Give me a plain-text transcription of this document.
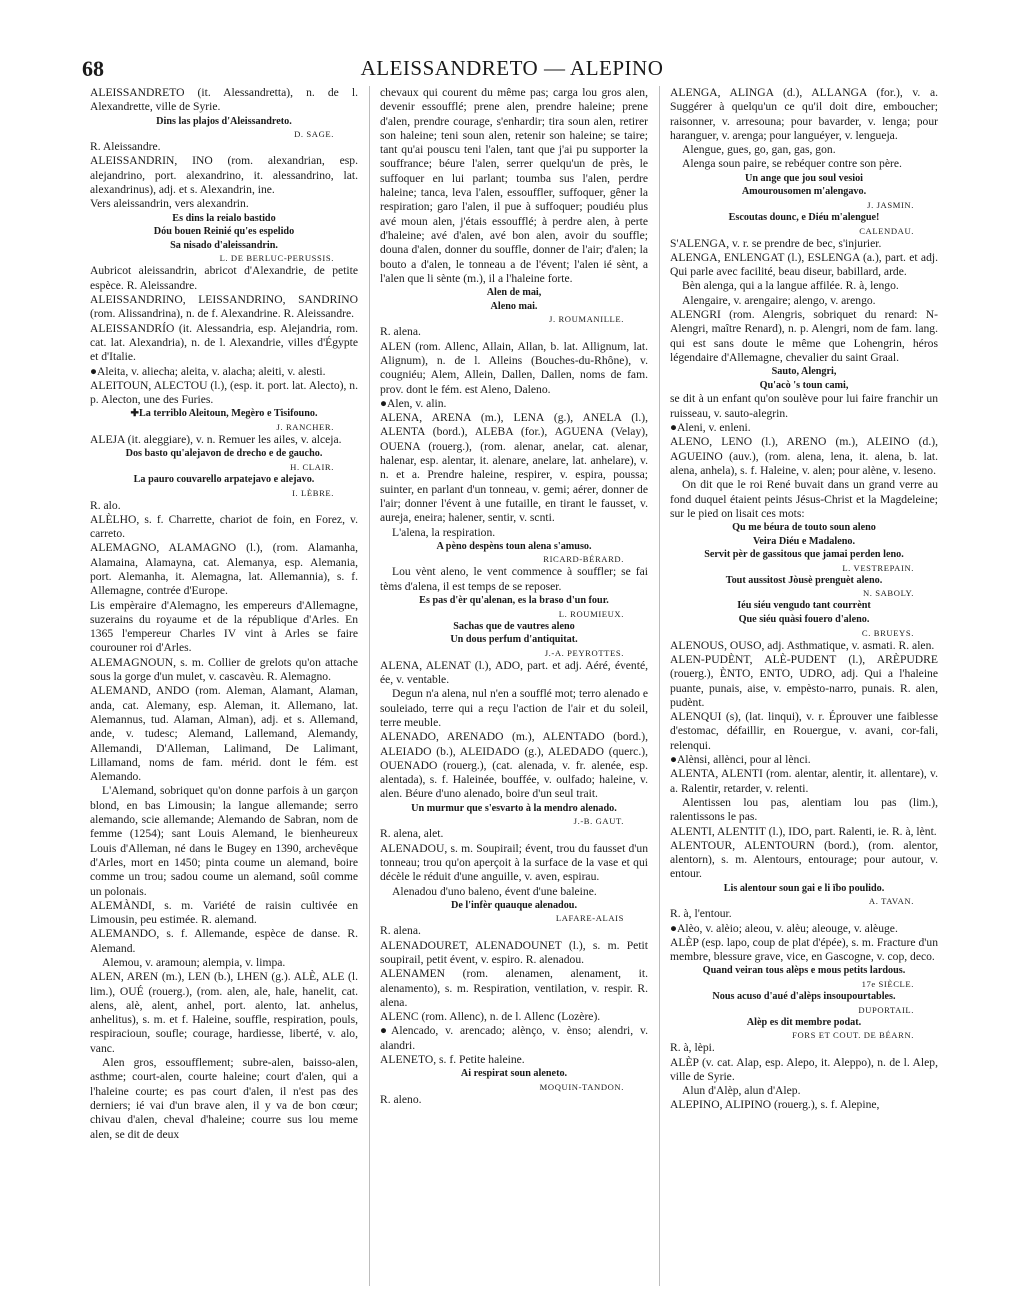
68	ALEISSANDRETO — ALEPINO

ALEISSANDRETO (it. Alessandretta), n. de l. Alexandrette, ville de Syrie.

Dins las plajos d'Aleissandreto.

D. SAGE.

R. Aleissandre.

ALEISSANDRIN, INO (rom. alexandrian, esp. alejandrino, port. alexandrino, it. alessandrino, lat. alexandrinus), adj. et s. Alexandrin, ine.

Vers aleissandrin, vers alexandrin.

Es dins la reialo bastido

Dóu bouen Reinié qu'es espelido

Sa nisado d'aleissandrin.

L. DE BERLUC-PERUSSIS.

Aubricot aleissandrin, abricot d'Alexandrie, de petite espèce. R. Aleissandre.

ALEISSANDRINO, LEISSANDRINO, SANDRINO (rom. Alissandrina), n. de f. Alexandrine. R. Aleissandre.

ALEISSANDRÍO (it. Alessandria, esp. Alejandria, rom. cat. lat. Alexandria), n. de l. Alexandrie, villes d'Égypte et d'Italie.

●Aleita, v. aliecha; aleita, v. alacha; aleiti, v. alesti.

ALEITOUN, ALECTOU (l.), (esp. it. port. lat. Alecto), n. p. Alecton, une des Furies.

✚La terriblo Aleitoun, Megèro e Tisifouno.

J. RANCHER.

ALEJA (it. aleggiare), v. n. Remuer les ailes, v. alceja.

Dos basto qu'alejavon de drecho e de gaucho.

H. CLAIR.

La pauro couvarello arpatejavo e alejavo.

I. LÈBRE.

R. alo.

ALÈLHO, s. f. Charrette, chariot de foin, en Forez, v. carreto.

ALEMAGNO, ALAMAGNO (l.), (rom. Alamanha, Alamaina, Alamayna, cat. Alemanya, esp. Alemania, port. Alemanha, it. Alemagna, lat. Allemannia), s. f. Allemagne, contrée d'Europe.

Lis empèraire d'Alemagno, les empereurs d'Allemagne, suzerains du royaume et de la république d'Arles. En 1365 l'empereur Charles IV vint à Arles se faire courouner roi d'Arles.

ALEMAGNOUN, s. m. Collier de grelots qu'on attache sous la gorge d'un mulet, v. cascavèu. R. Alemagno.

ALEMAND, ANDO (rom. Aleman, Alamant, Alaman, anda, cat. Alemany, esp. Aleman, it. Allemano, lat. Alemannus, tud. Alaman, Alman), adj. et s. Allemand, ande, v. tudesc; Alemand, Lallemand, Alemandy, Allemandi, D'Alleman, Lalimand, De Lalimant, Lillamand, noms de fam. mérid. dont le fém. est Alemando.

L'Alemand, sobriquet qu'on donne parfois à un garçon blond, en bas Limousin; la langue allemande; serro alemando, scie allemande; Alemando de Sabran, nom de femme (1254); sant Louis Alemand, le bienheureux Louis d'Alleman, né dans le Bugey en 1390, archevêque d'Arles, mort en 1450; pinta coume un alemand, boire comme un trou; sadou coume un alemand, soûl comme un polonais.

ALEMÀNDI, s. m. Variété de raisin cultivée en Limousin, peu estimée. R. alemand.

ALEMANDO, s. f. Allemande, espèce de danse. R. Alemand.

Alemou, v. aramoun; alempia, v. limpa.

ALEN, AREN (m.), LEN (b.), LHEN (g.). ALÈ, ALE (l. lim.), OUÉ (rouerg.), (rom. alen, ale, hale, hanelit, cat. alens, alè, alent, anhel, port. alento, lat. anhelus, anhelitus), s. m. et f. Haleine, souffle, respiration, pouls, respiracioun, soufle; courage, hardiesse, liberté, v. alo, vanc.

Alen gros, essoufflement; subre-alen, baisso-alen, asthme; court-alen, courte haleine; court d'alen, qui a l'haleine courte; es pas court d'alen, il n'est pas des derniers; ié vai d'un brave alen, il y va de bon cœur; chivau d'alen, cheval d'haleine; courre sus lou meme alen, se dit de deux

chevaux qui courent du même pas; carga lou gros alen, devenir essoufflé; prene alen, prendre haleine; prene d'alen, prendre courage, s'enhardir; tira soun alen, retirer son haleine; teni soun alen, retenir son haleine; se taire; tant qu'ai pouscu teni l'alen, tant que j'ai pu supporter la souffrance; béure l'alen, serrer quelqu'un de près, le suffoquer en lui parlant; toumba sus l'alen, perdre haleine; tanca, leva l'alen, essouffler, suffoquer, gêner la respiration; garo l'alen, il pue à suffoquer; poudiéu plus avé moun alen, j'étais essoufflé; à perdre alen, à perte d'haleine; avé d'alen, avé bon alen, avoir du souffle; douna d'alen, donner du souffle, donner de l'air; d'alen; la bouto a d'alen, le tonneau a de l'évent; l'alen ié sènt, a l'alen que li sènte (m.), il a l'haleine forte.

Alen de mai,

Aleno mai.

J. ROUMANILLE.

R. alena.

ALEN (rom. Allenc, Allain, Allan, b. lat. Allignum, lat. Alignum), n. de l. Alleins (Bouches-du-Rhône), v. cougniéu; Alem, Allein, Dallen, Dallen, noms de fam. prov. dont le fém. est Aleno, Daleno.

●Alen, v. alin.

ALENA, ARENA (m.), LENA (g.), ANELA (l.), ALENTA (bord.), ALEBA (for.), AGUENA (Velay), OUENA (rouerg.), (rom. alenar, anelar, cat. alenar, halenar, esp. alentar, it. alenare, anelare, lat. anhelare), v. n. et a. Prendre haleine, respirer, v. espira, poussa; suinter, en parlant d'un tonneau, v. gemi; aérer, donner de l'air; donner l'évent à une futaille, en tirant le fausset, v. aureja, eneira; halener, sentir, v. scnti.

L'alena, la respiration.

A pèno despèns toun alena s'amuso.

RICARD-BÉRARD.

Lou vènt aleno, le vent commence à souffler; se fai tèms d'alena, il est temps de se reposer.

Es pas d'èr qu'alenan, es la braso d'un four.

L. ROUMIEUX.

Sachas que de vautres aleno

Un dous perfum d'antiquitat.

J.-A. PEYROTTES.

ALENA, ALENAT (l.), ADO, part. et adj. Aéré, éventé, ée, v. ventable.

Degun n'a alena, nul n'en a soufflé mot; terro alenado e souleiado, terre qui a reçu l'action de l'air et du soleil, terre meuble.

ALENADO, ARENADO (m.), ALENTADO (bord.), ALEIADO (b.), ALEIDADO (g.), ALEDADO (querc.), OUENADO (rouerg.), (cat. alenada, v. fr. alenée, esp. alentada), s. f. Haleinée, bouffée, v. oulfado; haleine, v. alen. Béure d'uno alenado, boire d'un seul trait.

Un murmur que s'esvarto à la mendro alenado.

J.-B. GAUT.

R. alena, alet.

ALENADOU, s. m. Soupirail; évent, trou du fausset d'un tonneau; trou qu'on aperçoit à la surface de la vase et qui décèle le réduit d'une anguille, v. aven, espirau.

Alenadou d'uno baleno, évent d'une baleine.

De l'infèr quauque alenadou.

LAFARE-ALAIS

R. alena.

ALENADOURET, ALENADOUNET (l.), s. m. Petit soupirail, petit évent, v. espiro. R. alenadou.

ALENAMEN (rom. alenamen, alenament, it. alenamento), s. m. Respiration, ventilation, v. respir. R. alena.

ALENC (rom. Allenc), n. de l. Allenc (Lozère).

●Alencado, v. arencado; alènço, v. ènso; alendri, v. alandri.

ALENETO, s. f. Petite haleine.

Ai respirat soun aleneto.

MOQUIN-TANDON.

R. aleno.

ALENGA, ALINGA (d.), ALLANGA (for.), v. a. Suggérer à quelqu'un ce qu'il doit dire, emboucher; raisonner, v. arresouna; pour bavarder, v. lenga; pour haranguer, v. arenga; pour languéyer, v. lengueja.

Alengue, gues, go, gan, gas, gon.

Alenga soun paire, se rebéquer contre son père.

Un ange que jou soul vesioi

Amourousomen m'alengavo.

J. JASMIN.

Escoutas dounc, e Diéu m'alengue!

CALENDAU.

S'ALENGA, v. r. se prendre de bec, s'injurier.

ALENGA, ENLENGAT (l.), ESLENGA (a.), part. et adj. Qui parle avec facilité, beau diseur, babillard, arde.

Bèn alenga, qui a la langue affilée. R. à, lengo.

Alengaire, v. arengaire; alengo, v. arengo.

ALENGRI (rom. Alengris, sobriquet du renard: N-Alengri, maître Renard), n. p. Alengri, nom de fam. lang. qui est sans doute le même que Lohengrin, héros légendaire d'Allemagne, chevalier du saint Graal.

Sauto, Alengri,

Qu'acò 's toun cami,

se dit à un enfant qu'on soulève pour lui faire franchir un ruisseau, v. sauto-alegrin.

●Aleni, v. enleni.

ALENO, LENO (l.), ARENO (m.), ALEINO (d.), AGUEINO (auv.), (rom. alena, lena, it. alena, b. lat. alena, anhela), s. f. Haleine, v. alen; pour alène, v. leseno.

On dit que le roi René buvait dans un grand verre au fond duquel étaient peints Jésus-Christ et la Magdeleine; sur le pied on lisait ces mots:

Qu me béura de touto soun aleno

Veira Diéu e Madaleno.

Servit pèr de gassitous que jamai perden leno.

L. VESTREPAIN.

Tout aussitost Jòusè prenguèt aleno.

N. SABOLY.

Iéu siéu vengudo tant courrènt

Que siéu quàsi fouero d'aleno.

C. BRUEYS.

ALENOUS, OUSO, adj. Asthmatique, v. asmati. R. alen.

ALEN-PUDÈNT, ALÈ-PUDENT (l.), ARÈPUDRE (rouerg.), ÈNTO, ENTO, UDRO, adj. Qui a l'haleine puante, punais, aise, v. empèsto-narro, punais. R. alen, pudènt.

ALENQUI (s), (lat. linqui), v. r. Éprouver une faiblesse d'estomac, défaillir, en Rouergue, v. avani, cor-fali, relenqui.

●Alènsi, allènci, pour al lènci.

ALENTA, ALENTI (rom. alentar, alentir, it. allentare), v. a. Ralentir, retarder, v. relenti.

Alentissen lou pas, alentiam lou pas (lim.), ralentissons le pas.

ALENTI, ALENTIT (l.), IDO, part. Ralenti, ie. R. à, lènt.

ALENTOUR, ALENTOURN (bord.), (rom. alentor, alentorn), s. m. Alentours, entourage; pour autour, v. entour.

Lis alentour soun gai e li ïbo poulido.

A. TAVAN.

R. à, l'entour.

●Alèo, v. alèio; aleou, v. alèu; aleouge, v. alèuge.

ALÈP (esp. lapo, coup de plat d'épée), s. m. Fracture d'un membre, blessure grave, vice, en Gascogne, v. cop, deco.

Quand veiran tous alèps e mous petits lardous.

17e SIÈCLE.

Nous acuso d'aué d'alèps insoupourtables.

DUPORTAIL.

Alèp es dit membre podat.

FORS ET COUT. DE BÉARN.

R. à, lèpi.

ALÈP (v. cat. Alap, esp. Alepo, it. Aleppo), n. de l. Alep, ville de Syrie.

Alun d'Alèp, alun d'Alep.

ALEPINO, ALIPINO (rouerg.), s. f. Alepine,
